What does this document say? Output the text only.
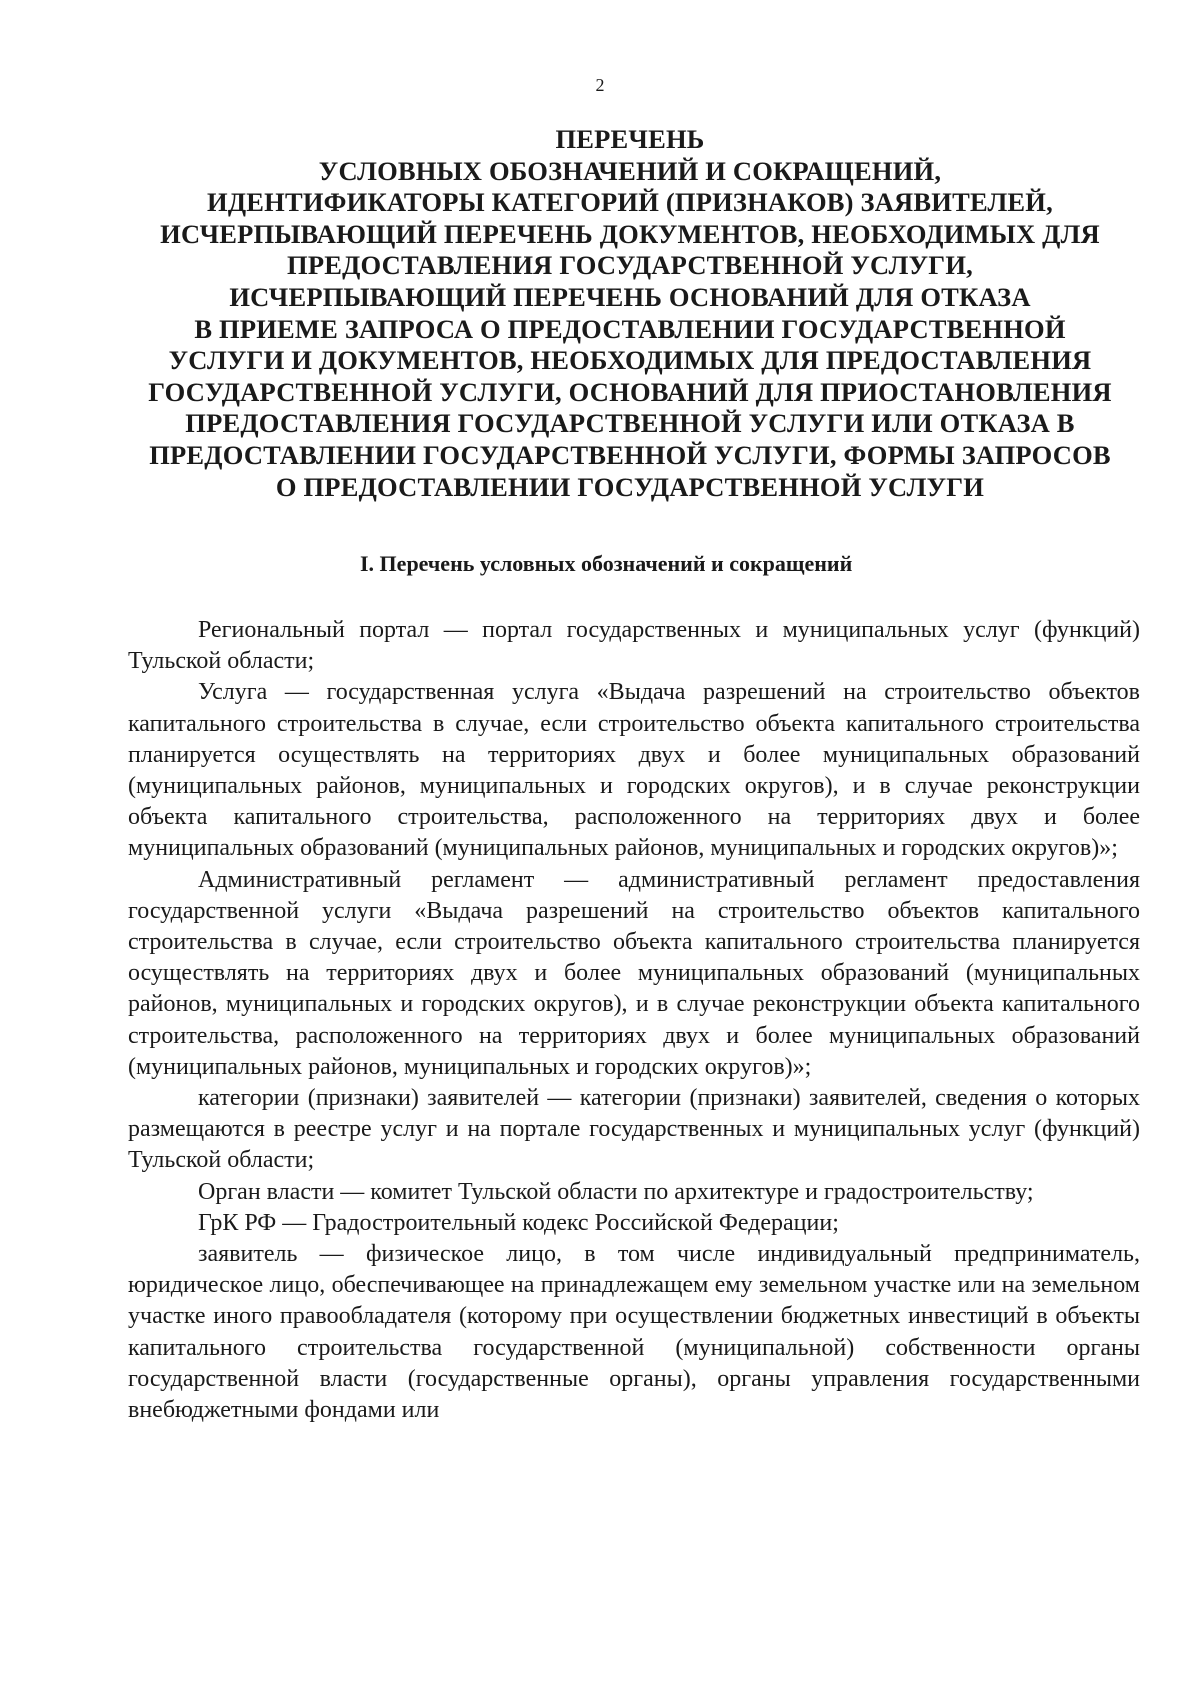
2
ПЕРЕЧЕНЬ
УСЛОВНЫХ ОБОЗНАЧЕНИЙ И СОКРАЩЕНИЙ,
ИДЕНТИФИКАТОРЫ КАТЕГОРИЙ (ПРИЗНАКОВ) ЗАЯВИТЕЛЕЙ,
ИСЧЕРПЫВАЮЩИЙ ПЕРЕЧЕНЬ ДОКУМЕНТОВ, НЕОБХОДИМЫХ ДЛЯ
ПРЕДОСТАВЛЕНИЯ ГОСУДАРСТВЕННОЙ УСЛУГИ,
ИСЧЕРПЫВАЮЩИЙ ПЕРЕЧЕНЬ ОСНОВАНИЙ ДЛЯ ОТКАЗА
В ПРИЕМЕ ЗАПРОСА О ПРЕДОСТАВЛЕНИИ ГОСУДАРСТВЕННОЙ
УСЛУГИ И ДОКУМЕНТОВ, НЕОБХОДИМЫХ ДЛЯ ПРЕДОСТАВЛЕНИЯ
ГОСУДАРСТВЕННОЙ УСЛУГИ, ОСНОВАНИЙ ДЛЯ ПРИОСТАНОВЛЕНИЯ
ПРЕДОСТАВЛЕНИЯ ГОСУДАРСТВЕННОЙ УСЛУГИ ИЛИ ОТКАЗА В
ПРЕДОСТАВЛЕНИИ ГОСУДАРСТВЕННОЙ УСЛУГИ, ФОРМЫ ЗАПРОСОВ
О ПРЕДОСТАВЛЕНИИ ГОСУДАРСТВЕННОЙ УСЛУГИ
I. Перечень условных обозначений и сокращений

Региональный портал — портал государственных и муниципальных услуг (функций) Тульской области;

Услуга — государственная услуга «Выдача разрешений на строительство объектов капитального строительства в случае, если строительство объекта капитального строительства планируется осуществлять на территориях двух и более муниципальных образований (муниципальных районов, муниципальных и городских округов), и в случае реконструкции объекта капитального строительства, расположенного на территориях двух и более муниципальных образований (муниципальных районов, муниципальных и городских округов)»;

Административный регламент — административный регламент предоставления государственной услуги «Выдача разрешений на строительство объектов капитального строительства в случае, если строительство объекта капитального строительства планируется осуществлять на территориях двух и более муниципальных образований (муниципальных районов, муниципальных и городских округов), и в случае реконструкции объекта капитального строительства, расположенного на территориях двух и более муниципальных образований (муниципальных районов, муниципальных и городских округов)»;

категории (признаки) заявителей — категории (признаки) заявителей, сведения о которых размещаются в реестре услуг и на портале государственных и муниципальных услуг (функций) Тульской области;

Орган власти — комитет Тульской области по архитектуре и градостроительству;

ГрК РФ — Градостроительный кодекс Российской Федерации;

заявитель — физическое лицо, в том числе индивидуальный предприниматель, юридическое лицо, обеспечивающее на принадлежащем ему земельном участке или на земельном участке иного правообладателя (которому при осуществлении бюджетных инвестиций в объекты капитального строительства государственной (муниципальной) собственности органы государственной власти (государственные органы), органы управления государственными внебюджетными фондами или
